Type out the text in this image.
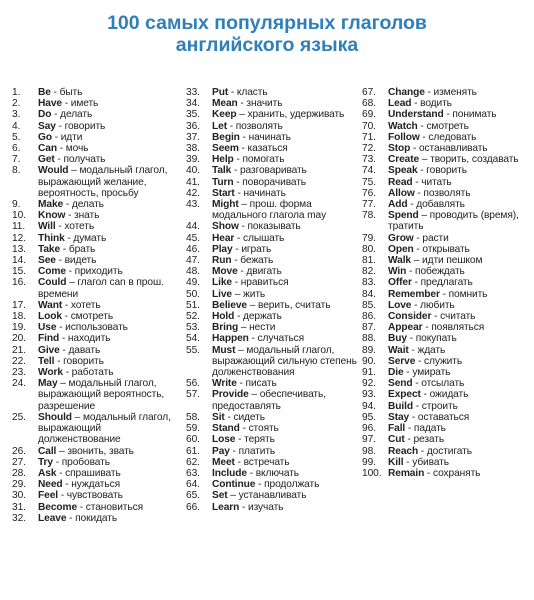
100 самых популярных глаголов
английского языка
1.	Be - быть
2.	Have - иметь
3.	Do - делать
4.	Say - говорить
5.	Go - идти
6.	Can - мочь
7.	Get - получать
8.	Would – модальный глагол, выражающий желание, вероятность, просьбу
9.	Make - делать
10.	Know - знать
11.	Will - хотеть
12.	Think - думать
13.	Take - брать
14.	See - видеть
15.	Come - приходить
16.	Could – глагол can в прош. времени
17.	Want - хотеть
18.	Look - смотреть
19.	Use - использовать
20.	Find - находить
21.	Give - давать
22.	Tell - говорить
23.	Work - работать
24.	May – модальный глагол, выражающий вероятность, разрешение
25.	Should – модальный глагол, выражающий долженствование
26.	Call – звонить, звать
27.	Try - пробовать
28.	Ask - спрашивать
29.	Need - нуждаться
30.	Feel - чувствовать
31.	Become - становиться
32.	Leave - покидать
33.	Put - класть
34.	Mean - значить
35.	Keep – хранить, удерживать
36.	Let - позволять
37.	Begin - начинать
38.	Seem - казаться
39.	Help - помогать
40.	Talk - разговаривать
41.	Turn - поворачивать
42.	Start - начинать
43.	Might – прош. форма модального глагола may
44.	Show - показывать
45.	Hear - слышать
46.	Play - играть
47.	Run - бежать
48.	Move - двигать
49.	Like - нравиться
50.	Live – жить
51.	Believe – верить, считать
52.	Hold - держать
53.	Bring – нести
54.	Happen - случаться
55.	Must – модальный глагол, выражающий сильную степень долженствования
56.	Write - писать
57.	Provide – обеспечивать, предоставлять
58.	Sit - сидеть
59.	Stand - стоять
60.	Lose - терять
61.	Pay - платить
62.	Meet - встречать
63.	Include - включать
64.	Continue - продолжать
65.	Set – устанавливать
66.	Learn - изучать
67.	Change - изменять
68.	Lead - водить
69.	Understand - понимать
70.	Watch - смотреть
71.	Follow - следовать
72.	Stop - останавливать
73.	Create – творить, создавать
74.	Speak - говорить
75.	Read - читать
76.	Allow - позволять
77.	Add - добавлять
78.	Spend – проводить (время), тратить
79.	Grow - расти
80.	Open - открывать
81.	Walk – идти пешком
82.	Win - побеждать
83.	Offer - предлагать
84.	Remember - помнить
85.	Love - любить
86.	Consider - считать
87.	Appear - появляться
88.	Buy - покупать
89.	Wait - ждать
90.	Serve - служить
91.	Die - умирать
92.	Send - отсылать
93.	Expect - ожидать
94.	Build - строить
95.	Stay - оставаться
96.	Fall - падать
97.	Cut - резать
98.	Reach - достигать
99.	Kill - убивать
100. Remain - сохранять
